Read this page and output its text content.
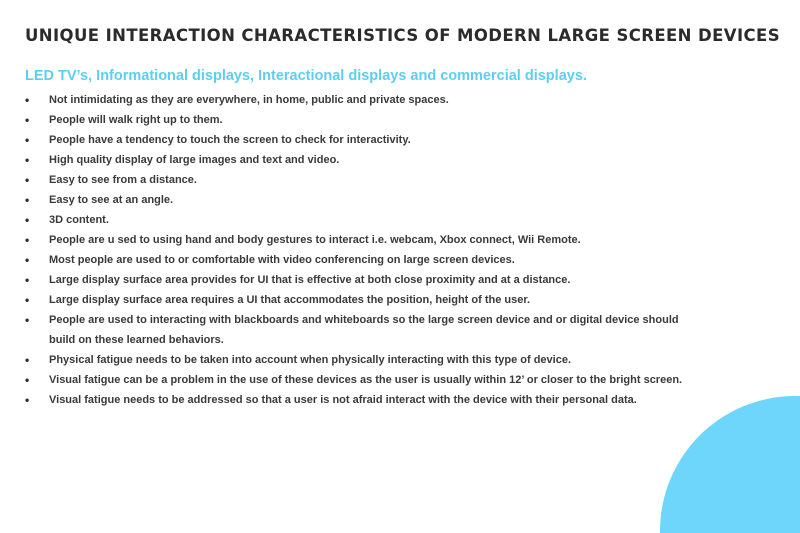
UNIQUE INTERACTION CHARACTERISTICS OF MODERN LARGE SCREEN DEVICES
LED TV’s, Informational displays, Interactional displays and commercial displays.
• Not intimidating as they are everywhere, in home, public and private spaces.
• People will walk right up to them.
• People have a tendency to touch the screen to check for interactivity.
• High quality display of large images and text and video.
• Easy to see from a distance.
• Easy to see at an angle.
• 3D content.
• People are u sed to using hand and body gestures to interact i.e. webcam, Xbox connect, Wii Remote.
• Most people are used to or comfortable with video conferencing on large screen devices.
• Large display surface area provides for UI that is effective at both close proximity and at a distance.
• Large display surface area requires a UI that accommodates the position, height of the user.
• People are used to interacting with blackboards and whiteboards so the large screen device and or digital device should build on these learned behaviors.
• Physical fatigue needs to be taken into account when physically interacting with this type of device.
• Visual fatigue can be a problem in the use of these devices as the user is usually within 12’ or closer to the bright screen.
• Visual fatigue needs to be addressed so that a user is not afraid interact with the device with their personal data.
